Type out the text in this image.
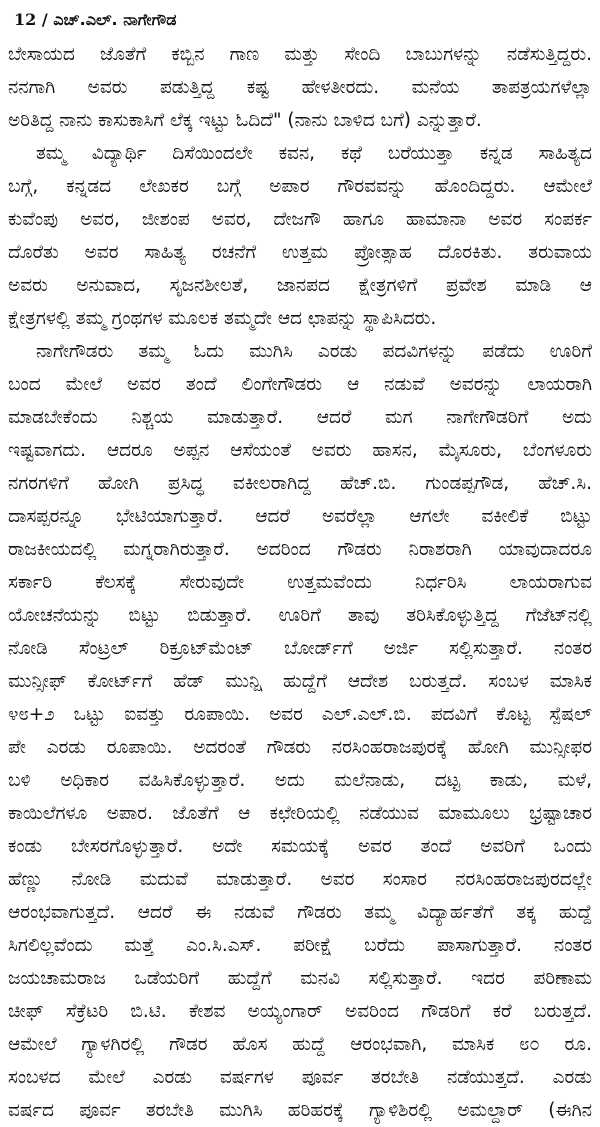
12 / ಎಚ್.ಎಲ್. ನಾಗೇಗೌಡ
ಬೇಸಾಯದ ಜೊತೆಗೆ ಕಬ್ಬಿನ ಗಾಣ ಮತ್ತು ಸೇಂದಿ ಬಾಬುಗಳನ್ನು ನಡೆಸುತ್ತಿದ್ದರು.
ನನಗಾಗಿ ಅವರು ಪಡುತ್ತಿದ್ದ ಕಷ್ಟ ಹೇಳತೀರದು. ಮನೆಯ ತಾಪತ್ರಯಗಳೆಲ್ಲಾ
ಅರಿತಿದ್ದ ನಾನು ಕಾಸುಕಾಸಿಗೆ ಲೆಕ್ಕ ಇಟ್ಟು ಓದಿದೆ" (ನಾನು ಬಾಳಿದ ಬಗೆ) ಎನ್ನುತ್ತಾರೆ.
ತಮ್ಮ ವಿದ್ಯಾರ್ಥಿ ದಿಸೆಯಿಂದಲೇ ಕವನ, ಕಥೆ ಬರೆಯುತ್ತಾ ಕನ್ನಡ ಸಾಹಿತ್ಯದ
ಬಗ್ಗೆ, ಕನ್ನಡದ ಲೇಖಕರ ಬಗ್ಗೆ ಅಪಾರ ಗೌರವವನ್ನು ಹೊಂದಿದ್ದರು. ಆಮೇಲೆ
ಕುವೆಂಪು ಅವರ, ಜೀಶಂಪ ಅವರ, ದೇಜಗೌ ಹಾಗೂ ಹಾಮಾನಾ ಅವರ ಸಂಪರ್ಕ
ದೊರೆತು ಅವರ ಸಾಹಿತ್ಯ ರಚನೆಗೆ ಉತ್ತಮ ಪ್ರೋತ್ಸಾಹ ದೊರಕಿತು. ತರುವಾಯ
ಅವರು ಅನುವಾದ, ಸೃಜನಶೀಲತೆ, ಜಾನಪದ ಕ್ಷೇತ್ರಗಳಿಗೆ ಪ್ರವೇಶ ಮಾಡಿ ಆ
ಕ್ಷೇತ್ರಗಳಲ್ಲಿ ತಮ್ಮ ಗ್ರಂಥಗಳ ಮೂಲಕ ತಮ್ಮದೇ ಆದ ಛಾಪನ್ನು ಸ್ಥಾಪಿಸಿದರು.
ನಾಗೇಗೌಡರು ತಮ್ಮ ಓದು ಮುಗಿಸಿ ಎರಡು ಪದವಿಗಳನ್ನು ಪಡೆದು ಊರಿಗೆ
ಬಂದ ಮೇಲೆ ಅವರ ತಂದೆ ಲಿಂಗೇಗೌಡರು ಆ ನಡುವೆ ಅವರನ್ನು ಲಾಯರಾಗಿ
ಮಾಡಬೇಕೆಂದು ನಿಶ್ಚಯ ಮಾಡುತ್ತಾರೆ. ಆದರೆ ಮಗ ನಾಗೇಗೌಡರಿಗೆ ಅದು
ಇಷ್ಟವಾಗದು. ಆದರೂ ಅಪ್ಪನ ಆಸೆಯಂತೆ ಅವರು ಹಾಸನ, ಮೈಸೂರು, ಬೆಂಗಳೂರು
ನಗರಗಳಿಗೆ ಹೋಗಿ ಪ್ರಸಿದ್ಧ ವಕೀಲರಾಗಿದ್ದ ಹೆಚ್.ಬಿ. ಗುಂಡಪ್ಪಗೌಡ, ಹೆಚ್.ಸಿ.
ದಾಸಪ್ಪರನ್ನೂ ಭೇಟಿಯಾಗುತ್ತಾರೆ. ಆದರೆ ಅವರೆಲ್ಲಾ ಆಗಲೇ ವಕೀಲಿಕೆ ಬಿಟ್ಟು
ರಾಜಕೀಯದಲ್ಲಿ ಮಗ್ನರಾಗಿರುತ್ತಾರೆ. ಅದರಿಂದ ಗೌಡರು ನಿರಾಶರಾಗಿ ಯಾವುದಾದರೂ
ಸರ್ಕಾರಿ ಕೆಲಸಕ್ಕೆ ಸೇರುವುದೇ ಉತ್ತಮವೆಂದು ನಿರ್ಧರಿಸಿ ಲಾಯರಾಗುವ
ಯೋಚನೆಯನ್ನು ಬಿಟ್ಟು ಬಿಡುತ್ತಾರೆ. ಊರಿಗೆ ತಾವು ತರಿಸಿಕೊಳ್ಳುತ್ತಿದ್ದ ಗೆಜೆಟ್‌ನಲ್ಲಿ
ನೋಡಿ ಸೆಂಟ್ರಲ್ ರಿಕ್ರೂಟ್‌ಮೆಂಟ್ ಬೋರ್ಡ್‌ಗೆ ಅರ್ಜಿ ಸಲ್ಲಿಸುತ್ತಾರೆ. ನಂತರ
ಮುನ್ಸೀಫ್ ಕೋರ್ಟ್‌ಗೆ ಹೆಡ್ ಮುನ್ಷಿ ಹುದ್ದೆಗೆ ಆದೇಶ ಬರುತ್ತದೆ. ಸಂಬಳ ಮಾಸಿಕ
೪೮+೨ ಒಟ್ಟು ಐವತ್ತು ರೂಪಾಯಿ. ಅವರ ಎಲ್.ಎಲ್.ಬಿ. ಪದವಿಗೆ ಕೊಟ್ಟ ಸ್ಪೆಷಲ್
ಪೇ ಎರಡು ರೂಪಾಯಿ. ಅದರಂತೆ ಗೌಡರು ನರಸಿಂಹರಾಜಪುರಕ್ಕೆ ಹೋಗಿ ಮುನ್ಸೀಫರ
ಬಳಿ ಅಧಿಕಾರ ವಹಿಸಿಕೊಳ್ಳುತ್ತಾರೆ. ಅದು ಮಲೆನಾಡು, ದಟ್ಟ ಕಾಡು, ಮಳೆ,
ಕಾಯಿಲೆಗಳೂ ಅಪಾರ. ಜೊತೆಗೆ ಆ ಕಛೇರಿಯಲ್ಲಿ ನಡೆಯುವ ಮಾಮೂಲು ಭ್ರಷ್ಟಾಚಾರ
ಕಂಡು ಬೇಸರಗೊಳ್ಳುತ್ತಾರೆ. ಅದೇ ಸಮಯಕ್ಕೆ ಅವರ ತಂದೆ ಅವರಿಗೆ ಒಂದು
ಹೆಣ್ಣು ನೋಡಿ ಮದುವೆ ಮಾಡುತ್ತಾರೆ. ಅವರ ಸಂಸಾರ ನರಸಿಂಹರಾಜಪುರದಲ್ಲೇ
ಆರಂಭವಾಗುತ್ತದೆ. ಆದರೆ ಈ ನಡುವೆ ಗೌಡರು ತಮ್ಮ ವಿದ್ಯಾರ್ಹತೆಗೆ ತಕ್ಕ ಹುದ್ದೆ
ಸಿಗಲಿಲ್ಲವೆಂದು ಮತ್ತೆ ಎಂ.ಸಿ.ಎಸ್. ಪರೀಕ್ಷೆ ಬರೆದು ಪಾಸಾಗುತ್ತಾರೆ. ನಂತರ
ಜಯಚಾಮರಾಜ ಒಡೆಯರಿಗೆ ಹುದ್ದೆಗೆ ಮನವಿ ಸಲ್ಲಿಸುತ್ತಾರೆ. ಇದರ ಪರಿಣಾಮ
ಚೀಫ್ ಸೆಕ್ರೆಟರಿ ಬಿ.ಟಿ. ಕೇಶವ ಅಯ್ಯಂಗಾರ್ ಅವರಿಂದ ಗೌಡರಿಗೆ ಕರೆ ಬರುತ್ತದೆ.
ಆಮೇಲೆ ಗ್ಯಾಳಗಿರಲ್ಲಿ ಗೌಡರ ಹೊಸ ಹುದ್ದೆ ಆರಂಭವಾಗಿ, ಮಾಸಿಕ ೮೦ ರೂ.
ಸಂಬಳದ ಮೇಲೆ ಎರಡು ವರ್ಷಗಳ ಪೂರ್ವ ತರಬೇತಿ ನಡೆಯುತ್ತದೆ. ಎರಡು
ವರ್ಷದ ಪೂರ್ವ ತರಬೇತಿ ಮುಗಿಸಿ ಹರಿಹರಕ್ಕೆ ಗ್ಯಾಳಿಶಿರಲ್ಲಿ ಅಮಲ್ದಾರ್ (ಈಗಿನ
